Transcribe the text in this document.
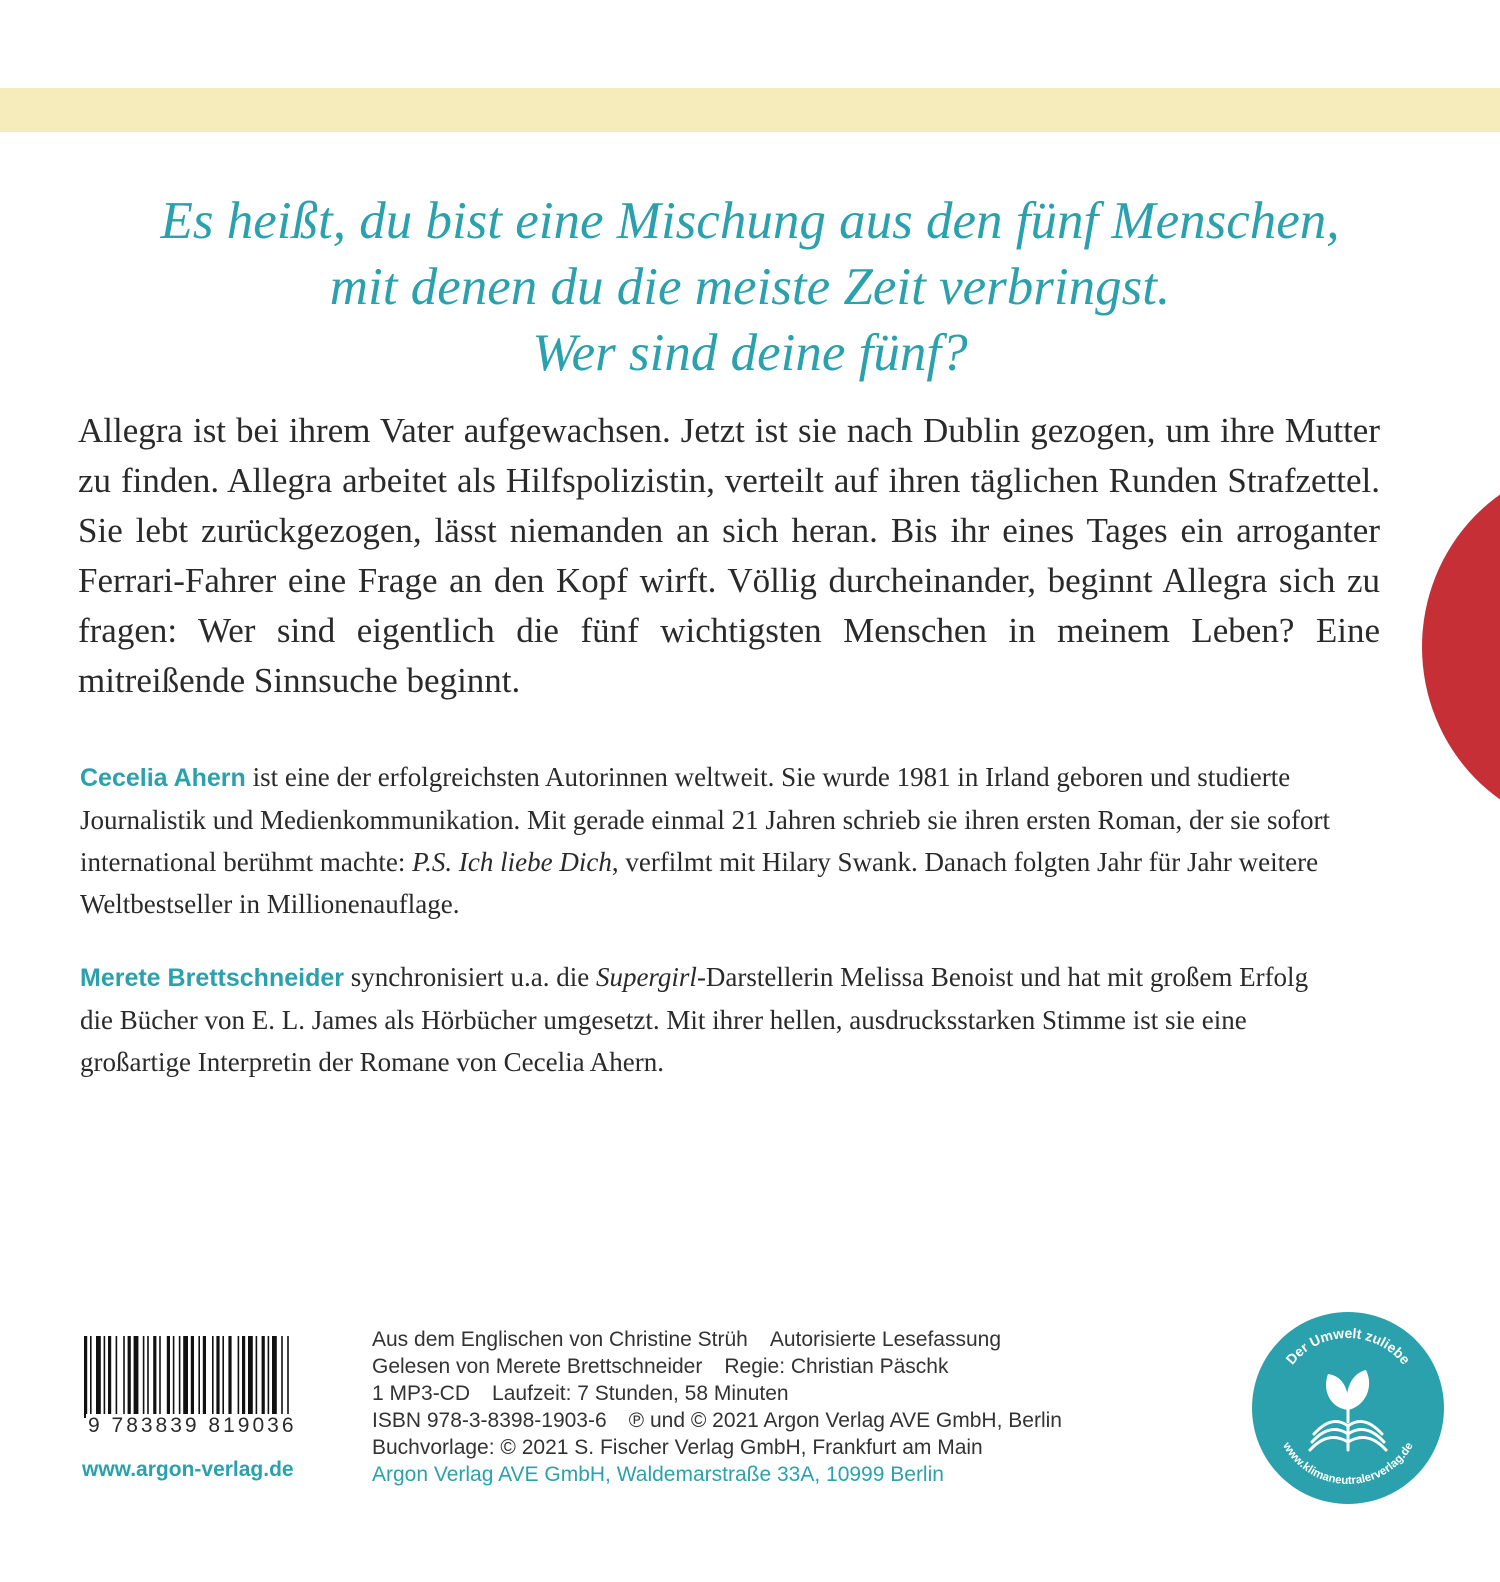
Es heißt, du bist eine Mischung aus den fünf Menschen,
mit denen du die meiste Zeit verbringst.
Wer sind deine fünf?
Allegra ist bei ihrem Vater aufgewachsen. Jetzt ist sie nach Dublin gezogen, um ihre Mutter zu finden. Allegra arbeitet als Hilfspolizistin, verteilt auf ihren täglichen Runden Strafzettel. Sie lebt zurückgezogen, lässt niemanden an sich heran. Bis ihr eines Tages ein arroganter Ferrari-Fahrer eine Frage an den Kopf wirft. Völlig durcheinander, beginnt Allegra sich zu fragen: Wer sind eigentlich die fünf wichtigsten Menschen in meinem Leben? Eine mitreißende Sinnsuche beginnt.
Cecelia Ahern ist eine der erfolgreichsten Autorinnen weltweit. Sie wurde 1981 in Irland geboren und studierte Journalistik und Medienkommunikation. Mit gerade einmal 21 Jahren schrieb sie ihren ersten Roman, der sie sofort international berühmt machte: P.S. Ich liebe Dich, verfilmt mit Hilary Swank. Danach folgten Jahr für Jahr weitere Weltbestseller in Millionenauflage.
Merete Brettschneider synchronisiert u.a. die Supergirl-Darstellerin Melissa Benoist und hat mit großem Erfolg die Bücher von E. L. James als Hörbücher umgesetzt. Mit ihrer hellen, ausdrucksstarken Stimme ist sie eine großartige Interpretin der Romane von Cecelia Ahern.
9 783839 819036
www.argon-verlag.de
Aus dem Englischen von Christine Strüh Autorisierte Lesefassung
Gelesen von Merete Brettschneider Regie: Christian Päschk
1 MP3-CD Laufzeit: 7 Stunden, 58 Minuten
ISBN 978-3-8398-1903-6 ℗ und © 2021 Argon Verlag AVE GmbH, Berlin
Buchvorlage: © 2021 S. Fischer Verlag GmbH, Frankfurt am Main
Argon Verlag AVE GmbH, Waldemarstraße 33A, 10999 Berlin
Der Umwelt zuliebe
www.klimaneutralerverlag.de
